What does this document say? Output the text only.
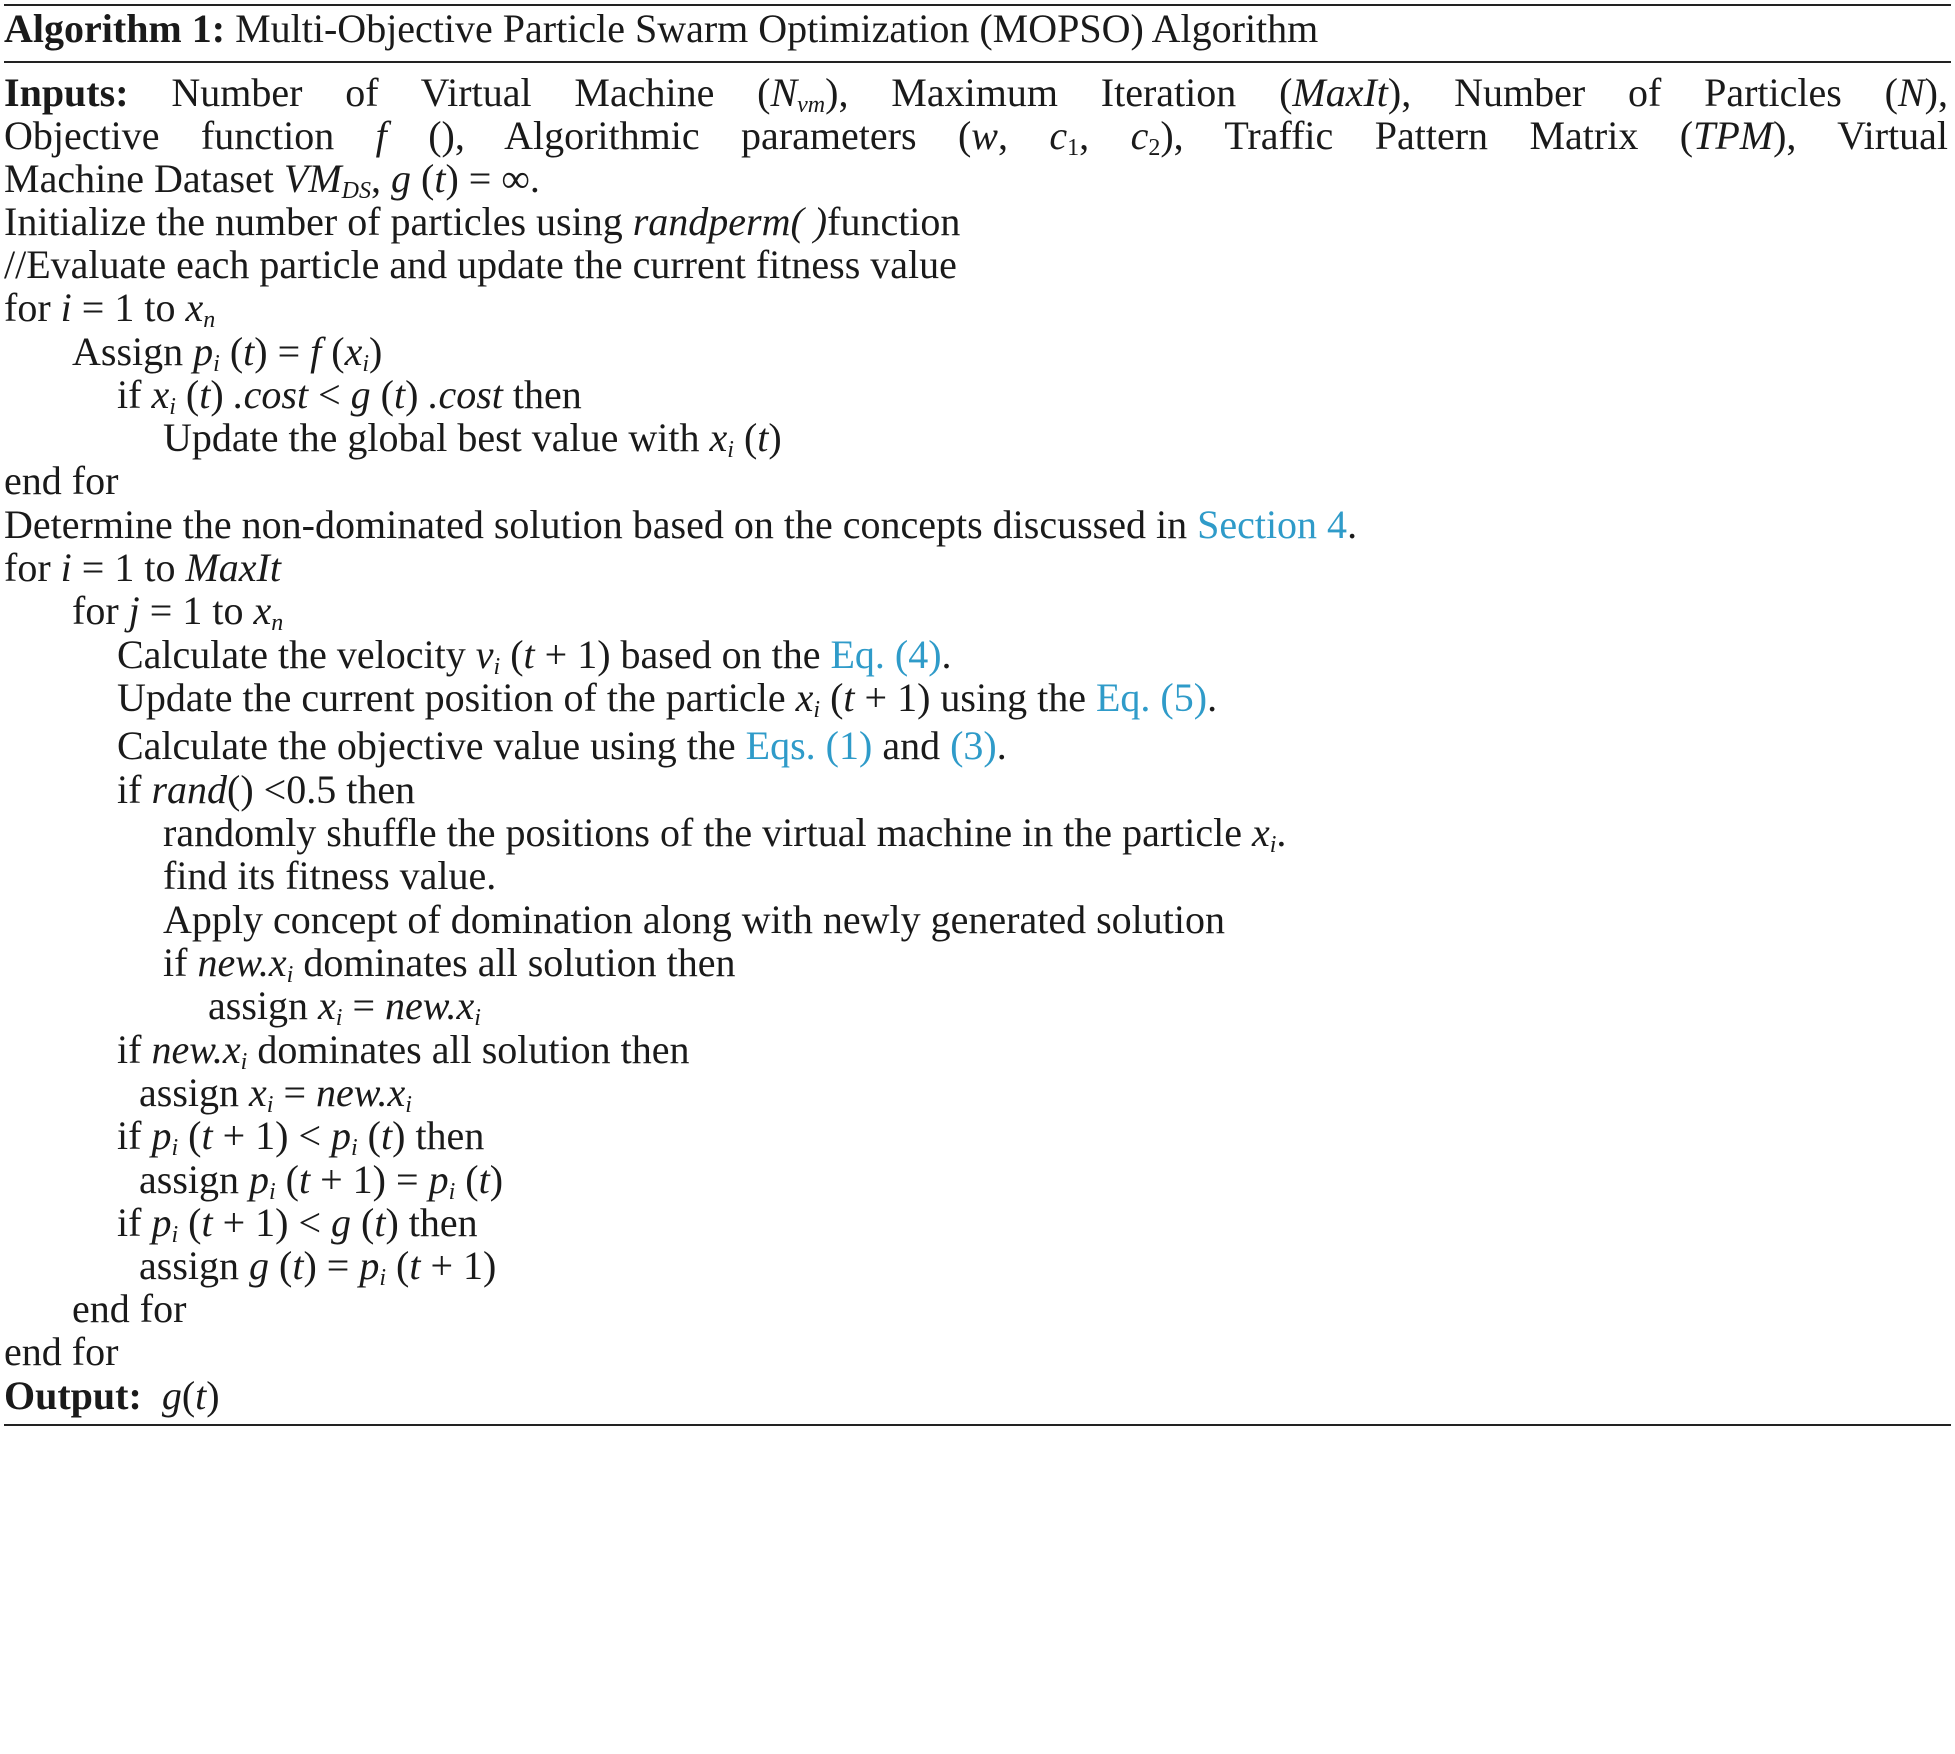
Algorithm 1: Multi-Objective Particle Swarm Optimization (MOPSO) Algorithm
Inputs: Number of Virtual Machine $(N_{vm})$, Maximum Iteration (MaxIt), Number of Particles (N),
Objective function f (), Algorithmic parameters (w, c1, c2), Traffic Pattern Matrix (TPM), Virtual
Machine Dataset $VM_{DS}$, g (t) = ∞.
Initialize the number of particles using randperm( )function
//Evaluate each particle and update the current fitness value
for i = 1 to $x_n$
Assign $p_i$ (t) = f $(x_i)$
if $x_i$ (t) .cost < g (t) .cost then
Update the global best value with $x_i$ (t)
end for
Determine the non-dominated solution based on the concepts discussed in Section 4.
for i = 1 to MaxIt
for j = 1 to $x_n$
Calculate the velocity $v_i$ (t + 1) based on the Eq. (4).
Update the current position of the particle $x_i$ (t + 1) using the Eq. (5).
Calculate the objective value using the Eqs. (1) and (3).
if rand() <0.5 then
randomly shuffle the positions of the virtual machine in the particle $x_i$.
find its fitness value.
Apply concept of domination along with newly generated solution
if $new.x_i$ dominates all solution then
assign $x_i = new.x_i$
if $new.x_i$ dominates all solution then
assign $x_i = new.x_i$
if $p_i$ $(t + 1) < p_i$ (t) then
assign $p_i$ $(t + 1) = p_i$ (t)
if $p_i$ (t + 1) < g (t) then
assign g $(t) = p_i$ (t + 1)
end for
end for
Output: g(t)
